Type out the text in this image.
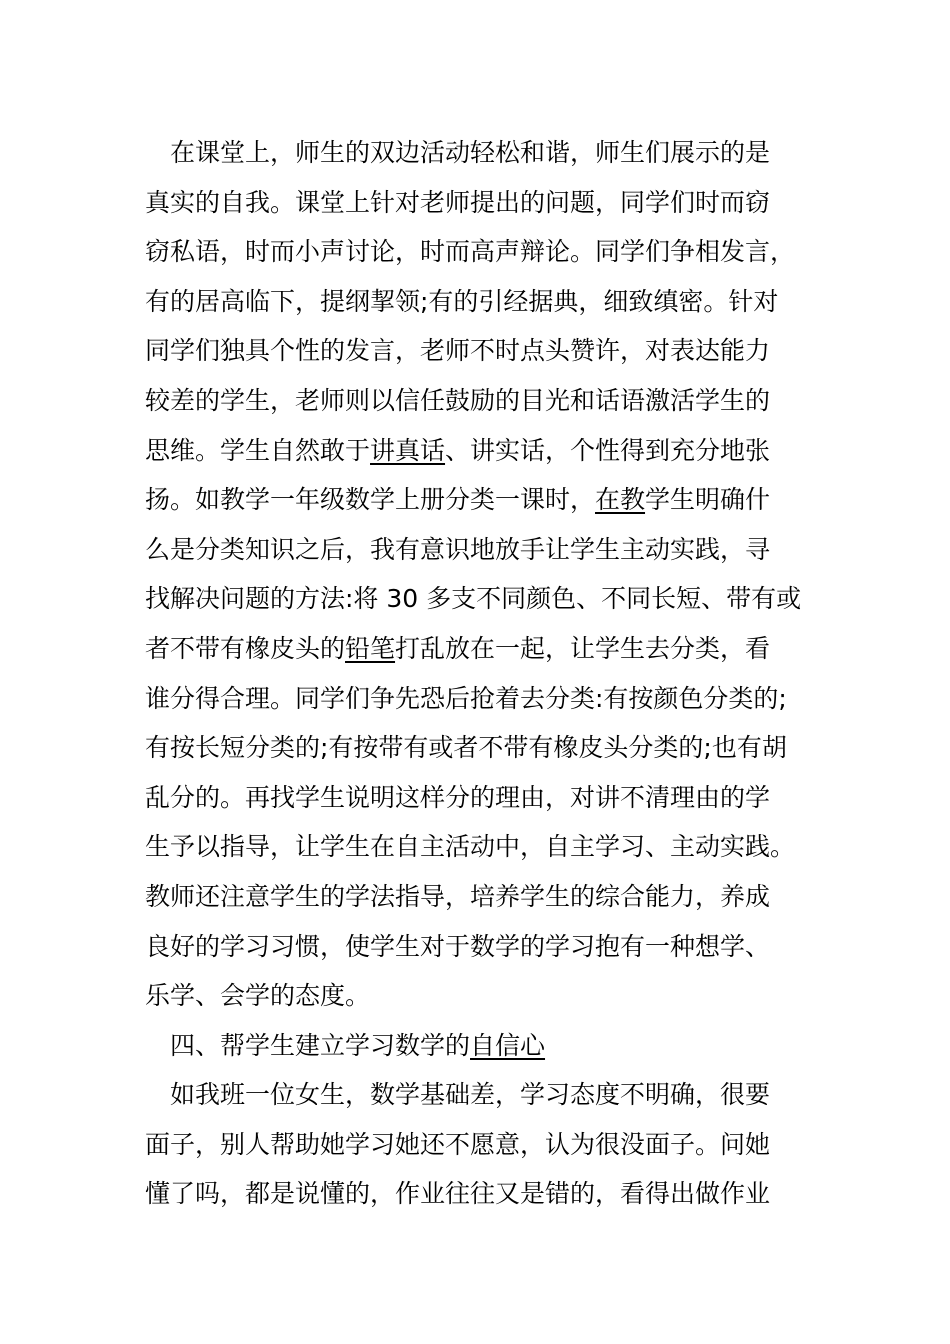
在课堂上，师生的双边活动轻松和谐，师生们展示的是
真实的自我。课堂上针对老师提出的问题，同学们时而窃
窃私语，时而小声讨论，时而高声辩论。同学们争相发言，
有的居高临下，提纲挈领;有的引经据典，细致缜密。针对
同学们独具个性的发言，老师不时点头赞许，对表达能力
较差的学生，老师则以信任鼓励的目光和话语激活学生的
思维。学生自然敢于讲真话、讲实话，个性得到充分地张
扬。如教学一年级数学上册分类一课时，在教学生明确什
么是分类知识之后，我有意识地放手让学生主动实践，寻
找解决问题的方法:将 30 多支不同颜色、不同长短、带有或
者不带有橡皮头的铅笔打乱放在一起，让学生去分类，看
谁分得合理。同学们争先恐后抢着去分类:有按颜色分类的;
有按长短分类的;有按带有或者不带有橡皮头分类的;也有胡
乱分的。再找学生说明这样分的理由，对讲不清理由的学
生予以指导，让学生在自主活动中，自主学习、主动实践。
教师还注意学生的学法指导，培养学生的综合能力，养成
良好的学习习惯，使学生对于数学的学习抱有一种想学、
乐学、会学的态度。
四、帮学生建立学习数学的自信心
如我班一位女生，数学基础差，学习态度不明确，很要
面子，别人帮助她学习她还不愿意，认为很没面子。问她
懂了吗，都是说懂的，作业往往又是错的，看得出做作业
